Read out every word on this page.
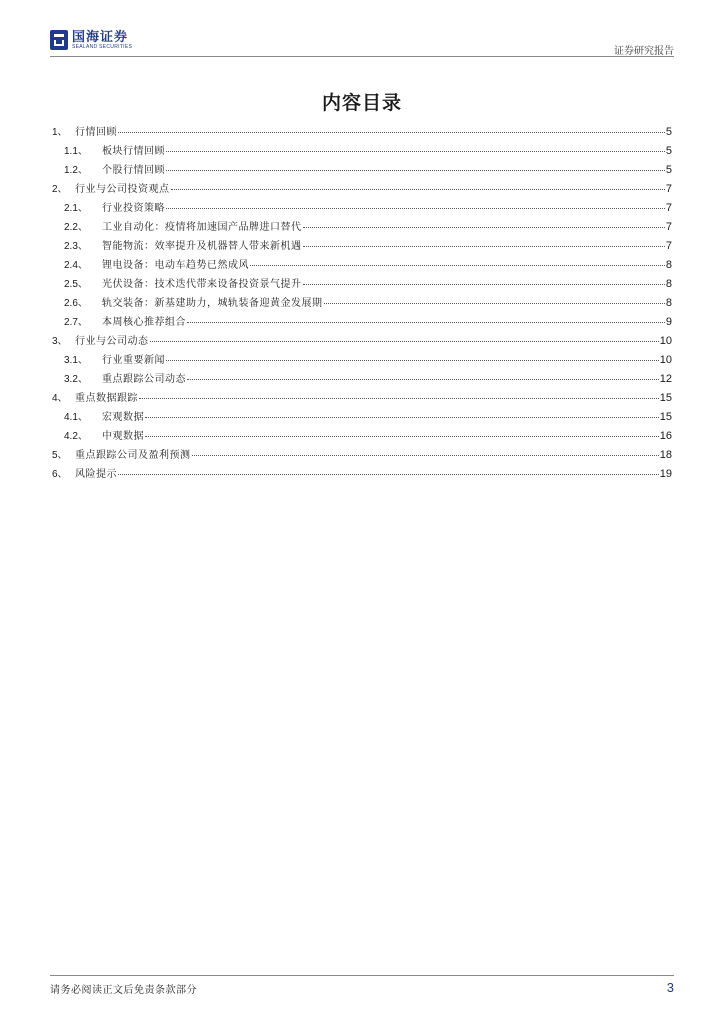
国海证券
SEALAND SECURITIES	证券研究报告
内容目录
1、 行情回顾	5
1.1、	板块行情回顾	5
1.2、	个股行情回顾	5
2、 行业与公司投资观点	7
2.1、	行业投资策略	7
2.2、	工业自动化：疫情将加速国产品牌进口替代	7
2.3、	智能物流：效率提升及机器替人带来新机遇	7
2.4、	锂电设备：电动车趋势已然成风	8
2.5、	光伏设备：技术迭代带来设备投资景气提升	8
2.6、	轨交装备：新基建助力，城轨装备迎黄金发展期	8
2.7、	本周核心推荐组合	9
3、 行业与公司动态	10
3.1、	行业重要新闻	10
3.2、	重点跟踪公司动态	12
4、 重点数据跟踪	15
4.1、	宏观数据	15
4.2、	中观数据	16
5、 重点跟踪公司及盈利预测	18
6、 风险提示	19
请务必阅读正文后免责条款部分	3
